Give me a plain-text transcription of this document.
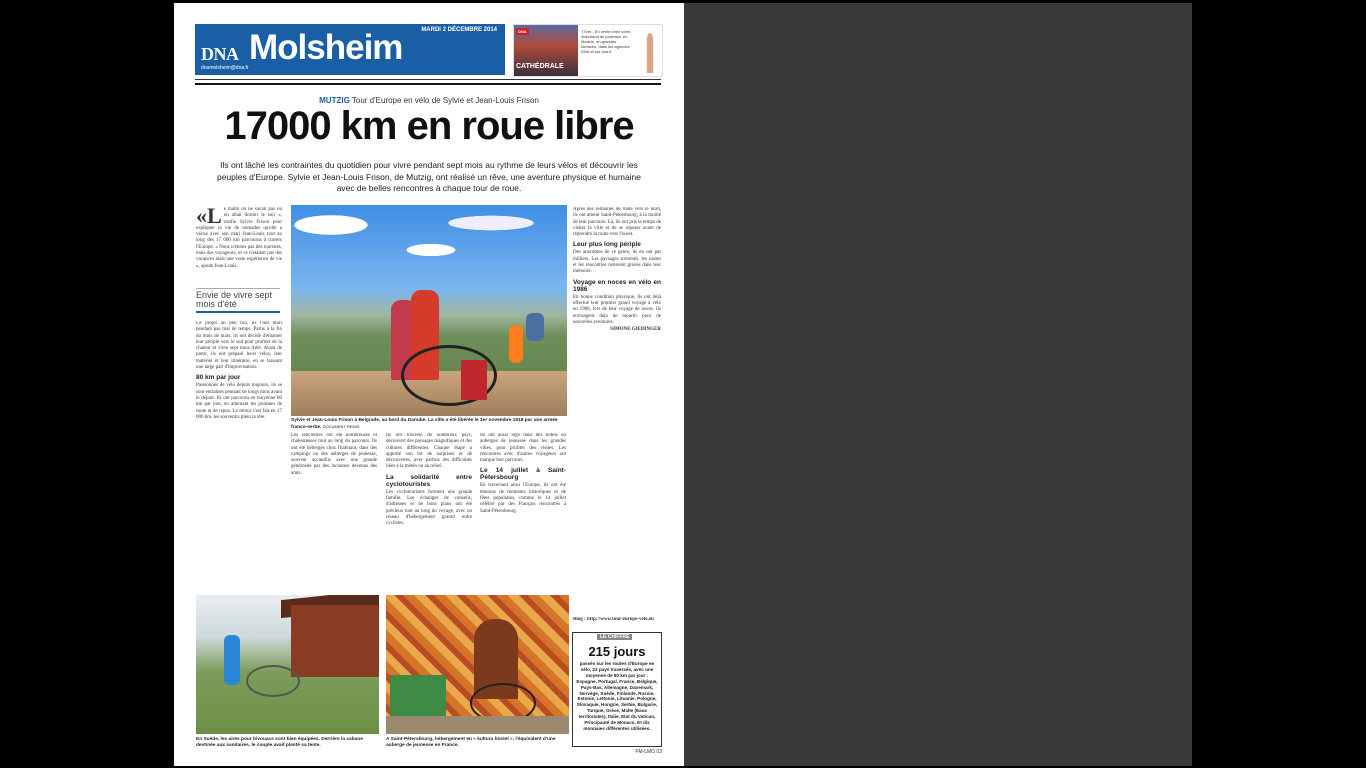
DNA Molsheim	MARDI 2 DÉCEMBRE 2014
dnamolsheim@dna.fr
DNA
CATHÉDRALE
T.Smt - En vente chez votre marchand de journaux, en librairie, en grandes surfaces, dans les agences DNA et sur dna.fr
MUTZIG Tour d'Europe en vélo de Sylvie et Jean-Louis Frison
17000 km en roue libre
Ils ont lâché les contraintes du quotidien pour vivre pendant sept mois au rythme de leurs vélos et découvrir les peuples d'Europe. Sylvie et Jean-Louis Frison, de Mutzig, ont réalisé un rêve, une aventure physique et humaine avec de belles rencontres à chaque tour de roue.
«L e matin on ne savait pas où on allait dormir le soir », confie Sylvie Frison pour expliquer la vie de nomades qu'elle a vécue avec son mari Jean-Louis tout au long des 17 000 km parcourus à travers l'Europe. « Nous n'étions pas des touristes, mais des voyageurs, et ce n'étaient pas des vacances mais une vraie expérience de vie », ajoute Jean-Louis.
Envie de vivre sept mois d'été

Ce projet un peu fou, ils l'ont mûri pendant pas mal de temps. Partis à la fin du mois de mars, ils ont décidé d'entamer leur périple vers le sud pour profiter de la chaleur et vivre sept mois d'été. Avant de partir, ils ont préparé leurs vélos, leur matériel et leur itinéraire, en se laissant une large part d'improvisation.

80 km par jour

Passionnés de vélo depuis toujours, ils se sont entraînés pendant de longs mois avant le départ. Ils ont parcouru en moyenne 80 km par jour, en alternant les journées de route et de repos. Le retour s'est fait en 17 000 km, les souvenirs plein la tête.

Sylvie et Jean-Louis Frison à Belgrade, au bord du Danube. La ville a été libérée le 1er novembre 1918 par une armée franco-serbe. DOCUMENT REMIS

Les rencontres ont été nombreuses et chaleureuses tout au long du parcours. Ils ont été hébergés chez l'habitant, dans des campings ou des auberges de jeunesse, souvent accueillis avec une grande générosité par des inconnus devenus des amis.

Ils ont traversé de nombreux pays, découvert des paysages magnifiques et des cultures différentes. Chaque étape a apporté son lot de surprises et de découvertes, avec parfois des difficultés liées à la météo ou au relief.

La solidarité entre cyclotouristes

Les cyclotouristes forment une grande famille. Les échanges de conseils, d'adresses et de bons plans ont été précieux tout au long du voyage, avec un réseau d'hébergement gratuit entre cyclistes.

Ils ont aussi logé dans des hôtels ou auberges de jeunesse dans les grandes villes, pour profiter des visites. Les rencontres avec d'autres voyageurs ont marqué leur parcours.

Le 14 juillet à Saint-Pétersbourg

En traversant ainsi l'Europe, ils ont été témoins de moments historiques et de fêtes populaires, comme le 14 juillet célébré par des Français rencontrés à Saint-Pétersbourg.

Après des semaines de route vers le nord, ils ont atteint Saint-Pétersbourg, à la moitié de leur parcours. Là, ils ont pris le temps de visiter la ville et de se reposer avant de reprendre la route vers l'ouest.

Leur plus long périple

Des anecdotes de ce genre, ils en ont par milliers. Les paysages traversés, les routes et les rencontres resteront gravés dans leur mémoire.

Voyage en noces en vélo en 1986

En bonne condition physique, ils ont déjà effectué leur premier grand voyage à vélo en 1986, lors de leur voyage de noces. Ils envisagent déjà de repartir pour de nouvelles aventures.

SIMONE GIEDINGER

Blog : http://www.tour-europe-velo.eu
En Suède, les aires pour bivouacs sont bien équipées. Derrière la cabane destinée aux sanitaires, le couple avait planté sa tente.
A Saint-Pétersbourg, hébergement en « kultura hostel », l'équivalent d'une auberge de jeunesse en France.
LE CHIFFRE
215 jours
passés sur les routes d'Europe en vélo, 23 pays traversés, avec une moyenne de 80 km par jour : Espagne, Portugal, France, Belgique, Pays-Bas, Allemagne, Danemark, Norvège, Suède, Finlande, Russie, Estonie, Lettonie, Lituanie, Pologne, Slovaquie, Hongrie, Serbie, Bulgarie, Turquie, Grèce, Malte (Eaux territoriales), Italie, Etat du Vatican, Principauté de Monaco. Et dix monnaies différentes utilisées.
FM-LMO 03
